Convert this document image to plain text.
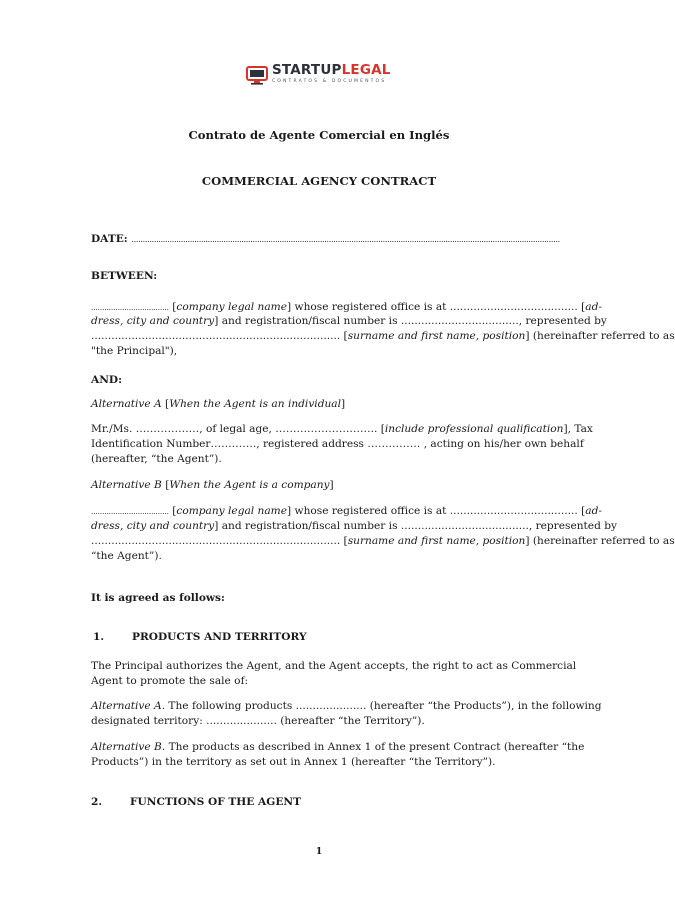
STARTUPLEGAL
CONTRATOS & DOCUMENTOS
Contrato de Agente Comercial en Inglés
COMMERCIAL AGENCY CONTRACT
DATE: ...............................................................................................................................................................................................
BETWEEN:
................................... [company legal name] whose registered office is at ...................................... [ad-
dress, city and country] and registration/fiscal number is ..................................., represented by
.......................................................................... [surname and first name, position] (hereinafter referred to as
"the Principal"),
AND:
Alternative A [When the Agent is an individual]
Mr./Ms. ………………, of legal age, ……………………….. [include professional qualification], Tax
Identification Number…………., registered address …………… , acting on his/her own behalf
(hereafter, “the Agent”).
Alternative B [When the Agent is a company]
................................... [company legal name] whose registered office is at ...................................... [ad-
dress, city and country] and registration/fiscal number is ......................................, represented by
.......................................................................... [surname and first name, position] (hereinafter referred to as
“the Agent”).
It is agreed as follows:
1.	PRODUCTS AND TERRITORY
The Principal authorizes the Agent, and the Agent accepts, the right to act as Commercial
Agent to promote the sale of:
Alternative A. The following products ..................... (hereafter “the Products”), in the following
designated territory: ..................... (hereafter “the Territory”).
Alternative B. The products as described in Annex 1 of the present Contract (hereafter “the
Products”) in the territory as set out in Annex 1 (hereafter “the Territory”).
2.	FUNCTIONS OF THE AGENT
1
